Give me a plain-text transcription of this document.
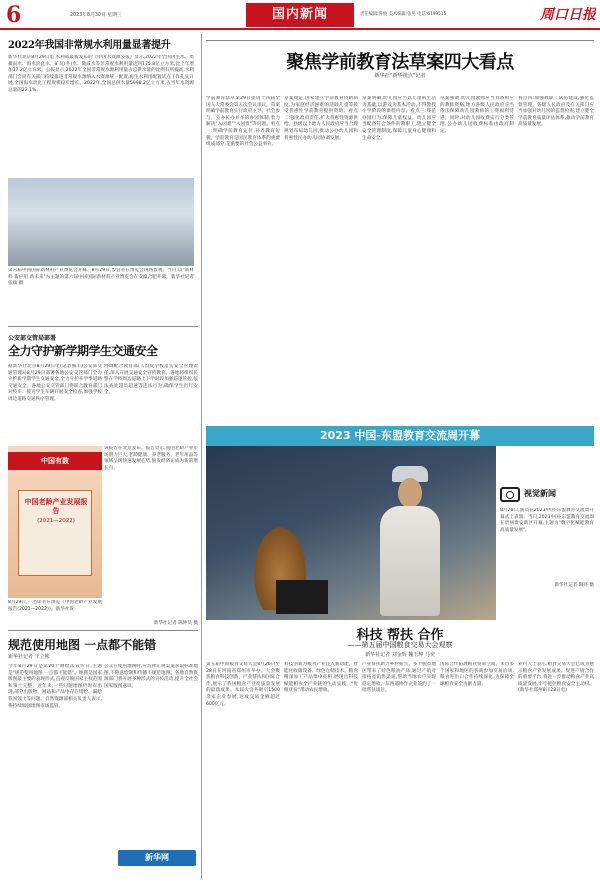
6	2023年8月30日 星期三	国内新闻	责任编辑:鲁焕 美术编辑:张男 电话:6199515	周口日报
2022年我国非常规水利用量显著提升
新华社北京8月29日电 水利部最新发布的《中国水资源公报》显示,2022年全国再生水、集蓄雨水、海水淡化水、矿坑(井)水、微咸水等非常规水利用量达到175.8亿立方米,比上年增加37.2亿立方米。公报显示,2022年全国非常规水源利用量占总供水量的比例有所提高,水利部门会同有关部门持续推进非常规水源纳入水资源统一配置,再生水利用配置试点工作扎实开展,全国海水淡化工程规模稳步增长。2022年,全国总供水量5998.2亿立方米,占当年水资源总量的22.1%。
第六届中国国际新材料产业博览会开幕。8月29日,参会者在博览会现场参观。当日,以"新材料 新应用 新未来"为主题的第六届中国国际新材料产业博览会在安徽合肥开幕。新华社记者 张端 摄
公安部交管局部署
全力守护新学期学生交通安全
据新华社北京8月29日电(记者熊丰)公安部交通管理局8月29日部署各地公安交管部门全力守护新学期学生交通安全,全力守护开学季道路交通安全。各地公安交管部门将联合教育部门对校车、接送学生车辆开展安全检查,加强学校周边道路交通秩序管理。
协调配合教育部门,督促学校落实安全管理责任,深入开展交通安全宣传教育。各地将组织民警在学校周边道路上下学时段加强巡逻管控,依法查处超员超速等违法行为,确保学生出行安全。
中国有数
中国老龄产业发展报告
(2021—2022)
8月29日,一名读者在浏览《中国老龄产业发展报告(2021—2022)》。新华社发
该报告在北京发布。报告显示,我国老龄产业市场潜力巨大,老龄健康、养老服务、老年用品等领域呈现快速发展态势,银发经济正成为新的增长点。
新华社记者 陈钟昊 摄
规范使用地图 一点都不能错
新华社记者 王立彬
今年8月29日是第20个测绘法宣传日,主题是"规范使用地图 一点都不能错"。地图是国家版图最主要的表现形式,直观反映国家主权范围和领土完整。近年来,一些问题地图仍时有出现,部分出版物、网站和产品中存在错绘、漏绘我国领土等问题。自然资源部相关负责人表示,将持续加强地图市场监管。
公众在使用地图时,应选择正规渠道获取标准地图,不随意绘制和传播不规范地图。各地自然资源部门将开展多种形式的宣传活动,提升全社会国家版图意识。
新华网
聚焦学前教育法草案四大看点
新华社"新华视点"记者
学前教育法草案29日提请十四届全国人大常委会第五次会议审议。草案明确学前教育实行政府主导、社会参与、公办民办并举的办园体制,着力解决"入园难""入园贵"等问题。看点一:明确学前教育定位,补齐教育短板。学前教育是国民教育体系的重要组成部分,是重要的社会公益事业。
草案规定,国家建立学前教育资助制度,为家庭经济困难的适龄儿童等接受普惠性学前教育提供资助。看点二:强化政府责任,扩大普惠性资源供给。县级以上地方人民政府应当合理规划布局幼儿园,推动公办幼儿园和普惠性民办幼儿园协调发展。
草案明确,幼儿园应当以儿童的生活为基础,以游戏为基本活动,不得教授小学阶段的课程内容。看点三:规范办园行为,保障儿童权益。幼儿园应当配备符合条件的教职工,建立健全安全管理制度,保障儿童身心健康和生命安全。
草案强调,幼儿园教师应当具备相应的教师资格,地方各级人民政府应当依法保障幼儿园教师的工资福利待遇。同时,对幼儿园收费实行分类管理,公办幼儿园收费标准由政府制定。
看点四:加强教职工队伍建设,强化监督管理。各级人民政府及有关部门应当加强对幼儿园的监督检查,建立健全学前教育质量评估体系,推动学前教育高质量发展。
2023 中国-东盟教育交流周开幕
视觉新闻
8月28日,演员在2023中国-东盟教育交流周开幕式上表演。当日,2023中国-东盟教育交流周在贵州贵安新区开幕,主题为"数字化赋能教育高质量发展"。
新华社记者 陶亮 摄
科技 帮扶 合作
——第五届中国粮食交易大会观察
新华社记者 刘金辉 魏玉坤 马奕
第五届中国粮食交易大会8月26日至28日在河南省郑州市举办。大会聚焦粮食科技创新、产业帮扶和国际合作,展示了我国粮食产业高质量发展的最新成果。本届大会共吸引1500余家企业参展,达成交易金额超过600亿元。
科技创新为粮食产业注入新动能。智能化收储设备、绿色仓储技术、粮食精深加工产品集中亮相,展现出科技赋能粮食全产业链的生动实践。"优粮优价"带动农民增收。
产业帮扶助力乡村振兴。多个脱贫地区带来了特色粮油产品,通过产销对接拓宽销售渠道,帮助当地农户实现稳定增收。东西部协作企业签约了一批帮扶项目。
国际合作拓展粮食贸易空间。来自多个国家和地区的客商参加交易洽谈,粮食进出口合作持续深化,为保障全球粮食安全贡献力量。
业内人士表示,粮食交易大会已成为展示粮食产业发展成果、促进产销合作的重要平台,将进一步推动粮食产业高质量发展,牢牢把住粮食安全主动权。(新华社郑州8月28日电)
